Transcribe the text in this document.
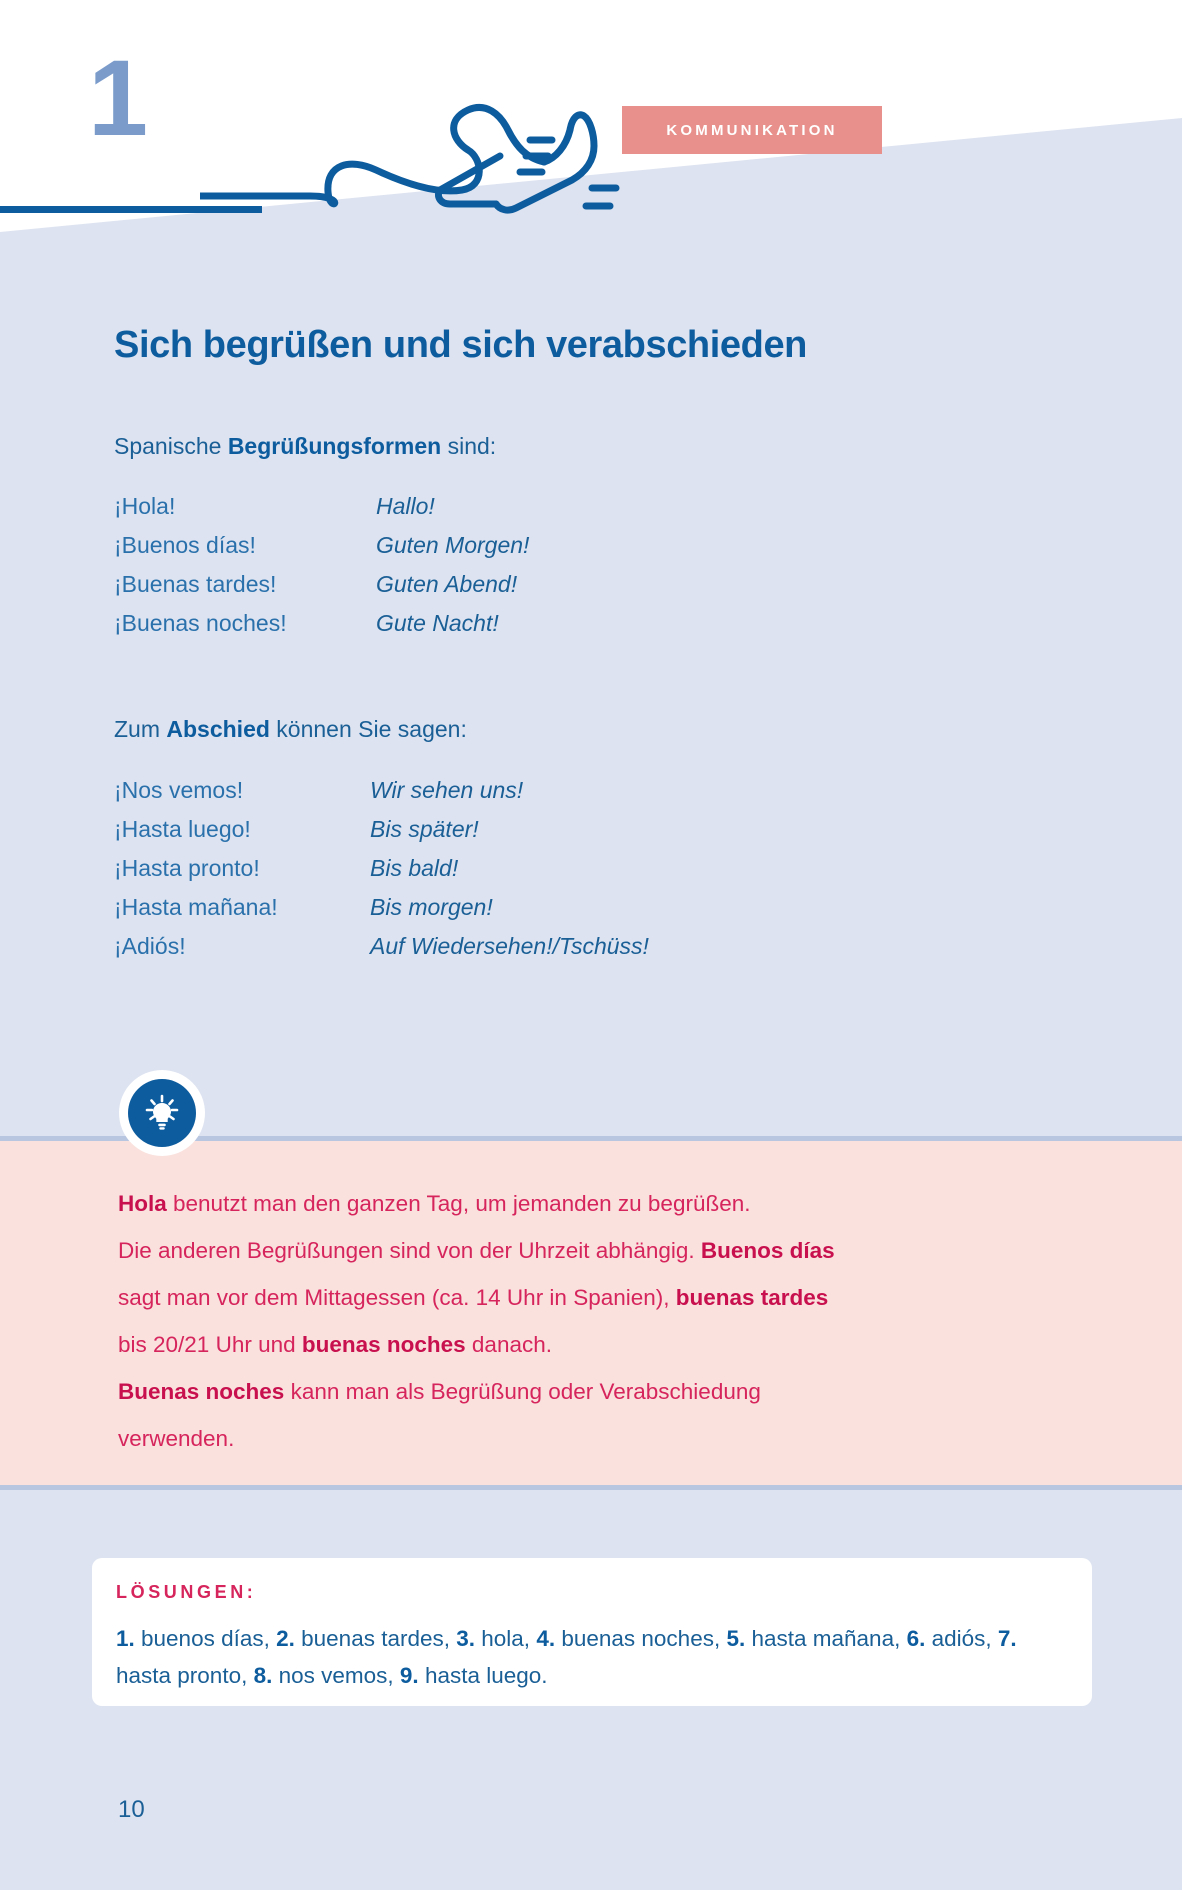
1	KOMMUNIKATION
Sich begrüßen und sich verabschieden
Spanische Begrüßungsformen sind:
¡Hola!	Hallo!
¡Buenos días!	Guten Morgen!
¡Buenas tardes!	Guten Abend!
¡Buenas noches!	Gute Nacht!
Zum Abschied können Sie sagen:
¡Nos vemos!	Wir sehen uns!
¡Hasta luego!	Bis später!
¡Hasta pronto!	Bis bald!
¡Hasta mañana!	Bis morgen!
¡Adiós!	Auf Wiedersehen!/Tschüss!
Hola benutzt man den ganzen Tag, um jemanden zu begrüßen.
Die anderen Begrüßungen sind von der Uhrzeit abhängig. Buenos días
sagt man vor dem Mittagessen (ca. 14 Uhr in Spanien), buenas tardes
bis 20/21 Uhr und buenas noches danach.
Buenas noches kann man als Begrüßung oder Verabschiedung
verwenden.
LÖSUNGEN:
1. buenos días, 2. buenas tardes, 3. hola, 4. buenas noches, 5. hasta mañana, 6. adiós, 7. hasta pronto, 8. nos vemos, 9. hasta luego.
10
